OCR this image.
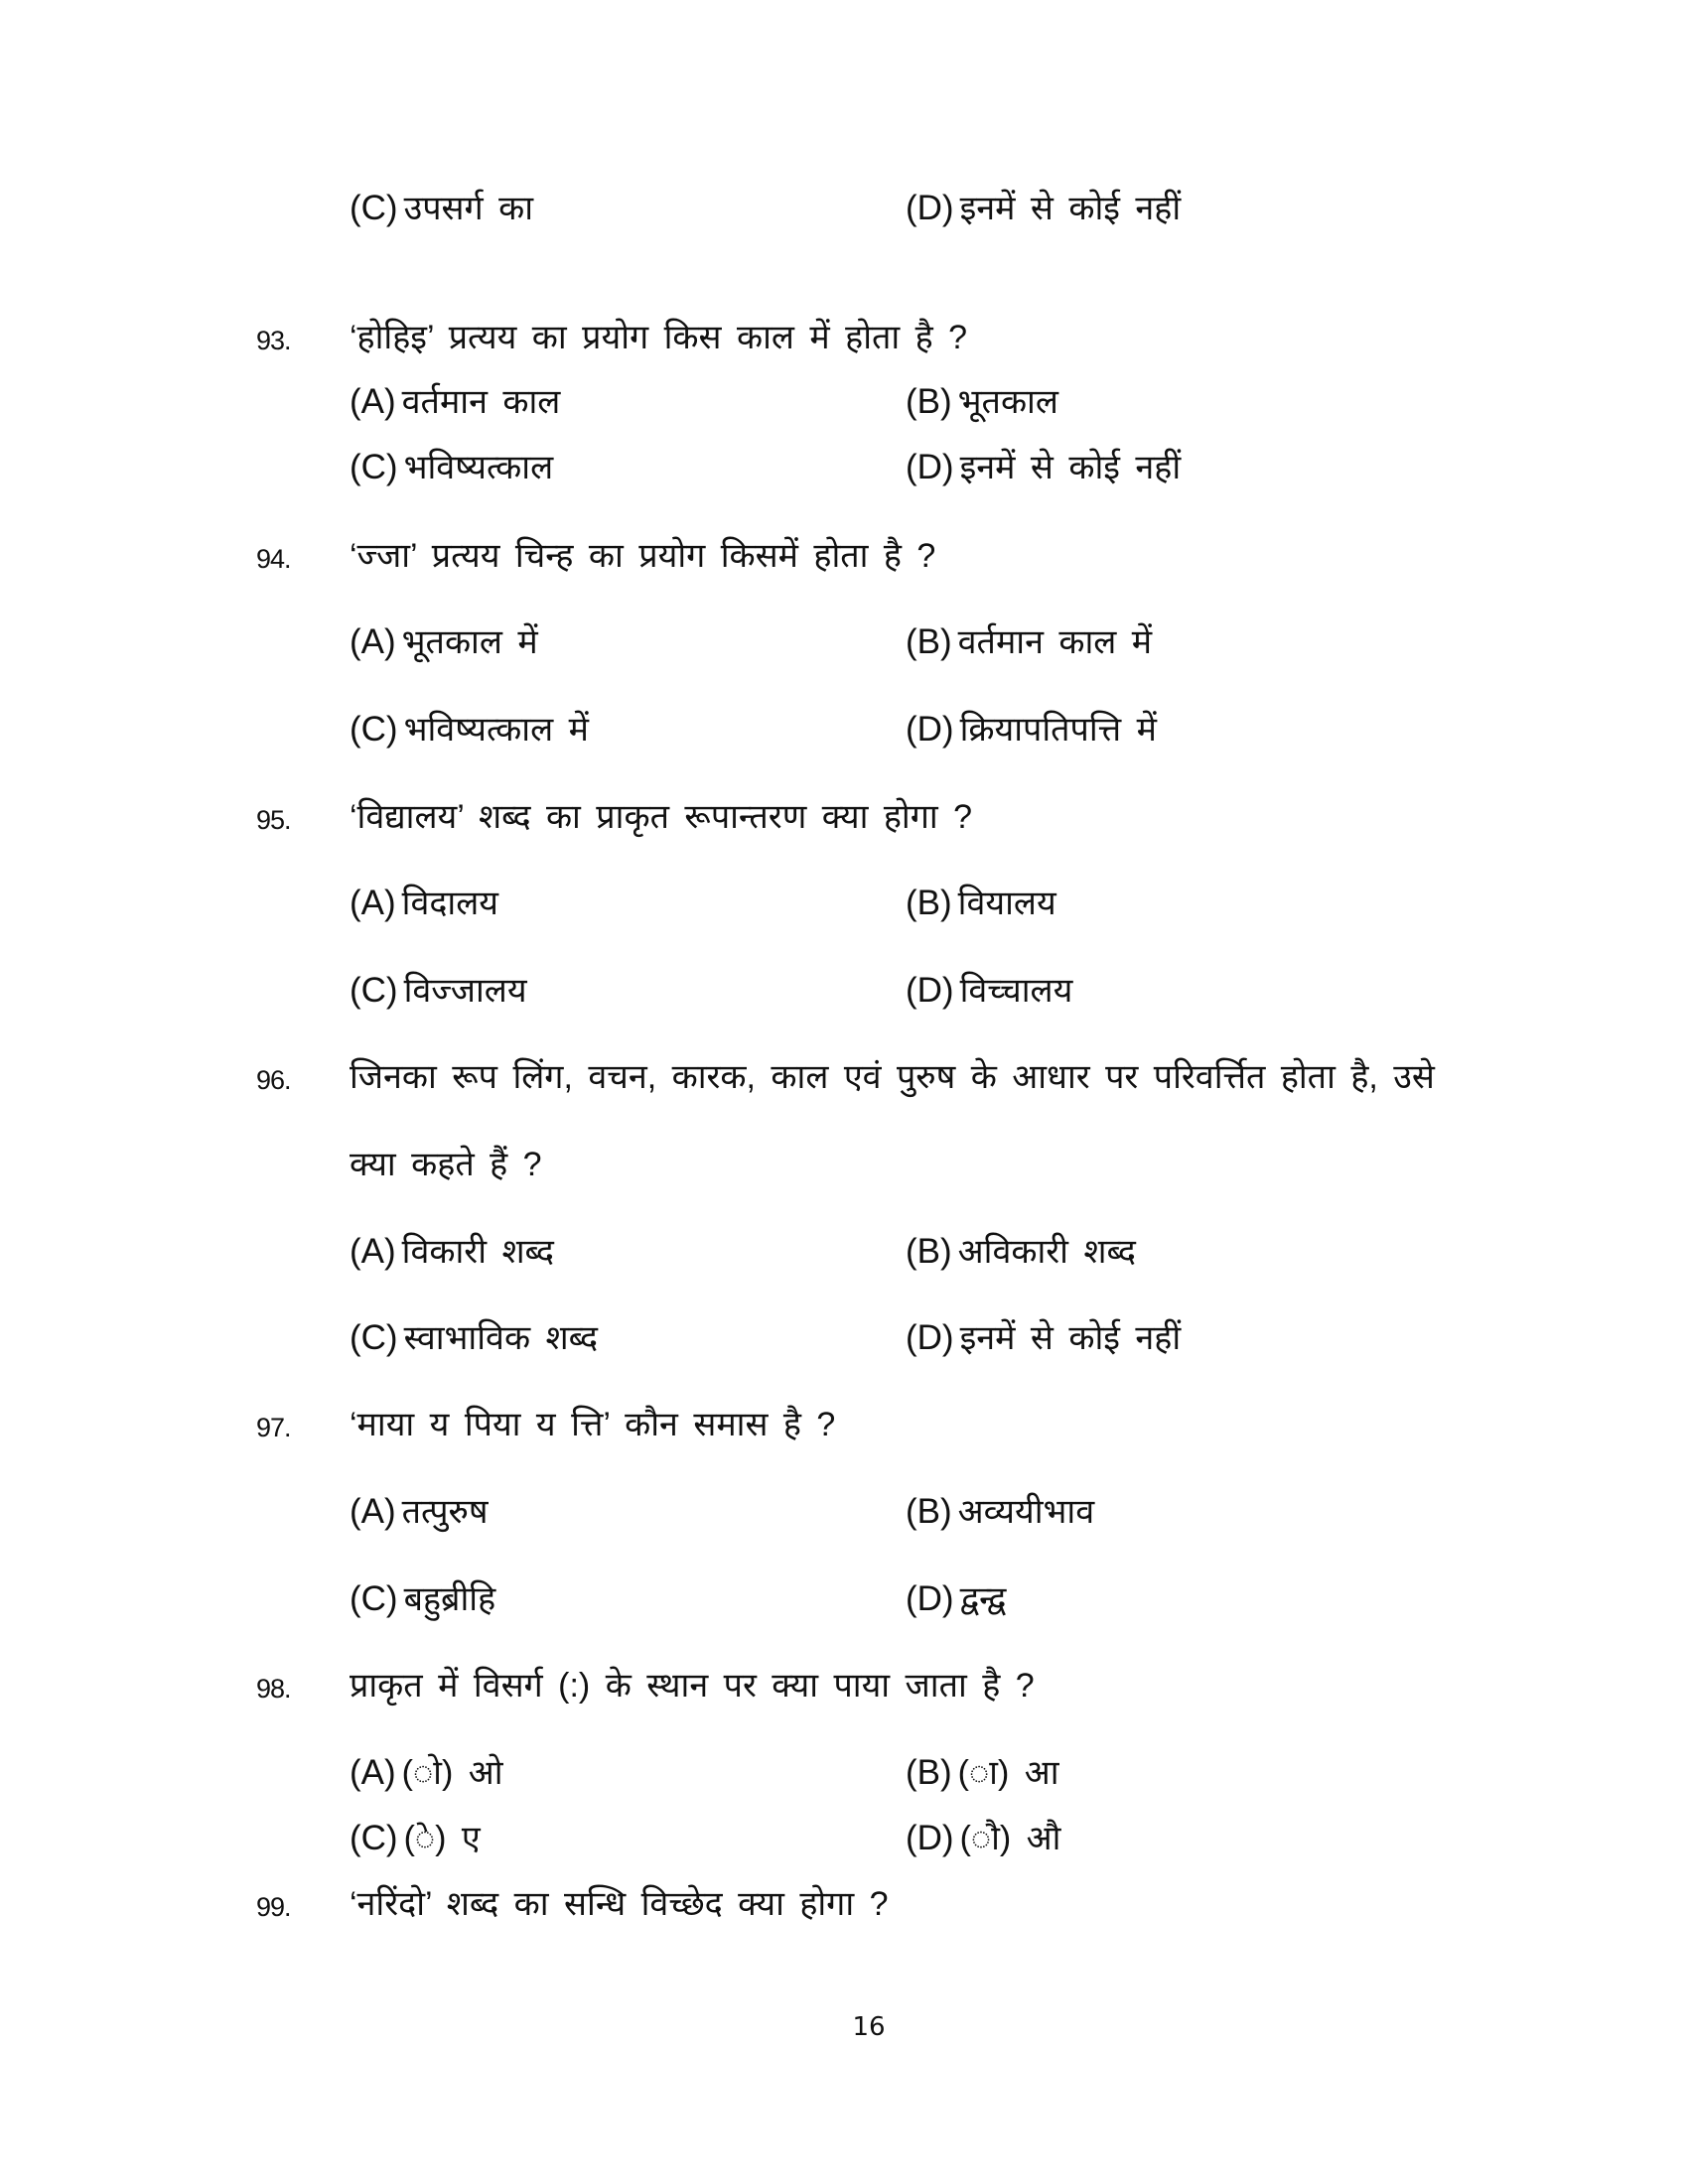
(C) उपसर्ग का	(D) इनमें से कोई नहीं
93. ‘होहिइ’ प्रत्यय का प्रयोग किस काल में होता है ?
(A) वर्तमान काल	(B) भूतकाल
(C) भविष्यत्काल	(D) इनमें से कोई नहीं
94. ‘ज्जा’ प्रत्यय चिन्ह का प्रयोग किसमें होता है ?
(A) भूतकाल में	(B) वर्तमान काल में
(C) भविष्यत्काल में	(D) क्रियापतिपत्ति में
95. ‘विद्यालय’ शब्द का प्राकृत रूपान्तरण क्या होगा ?
(A) विदालय	(B) वियालय
(C) विज्जालय	(D) विच्चालय
96. जिनका रूप लिंग, वचन, कारक, काल एवं पुरुष के आधार पर परिवर्त्तित होता है, उसे
क्या कहते हैं ?
(A) विकारी शब्द	(B) अविकारी शब्द
(C) स्वाभाविक शब्द	(D) इनमें से कोई नहीं
97. ‘माया य पिया य त्ति’ कौन समास है ?
(A) तत्पुरुष	(B) अव्ययीभाव
(C) बहुब्रीहि	(D) द्वन्द्व
98. प्राकृत में विसर्ग (:) के स्थान पर क्या पाया जाता है ?
(A) (ो) ओ	(B) (ा) आ
(C) (े) ए	(D) (ौ) औ
99. ‘नरिंदो’ शब्द का सन्धि विच्छेद क्या होगा ?
16
